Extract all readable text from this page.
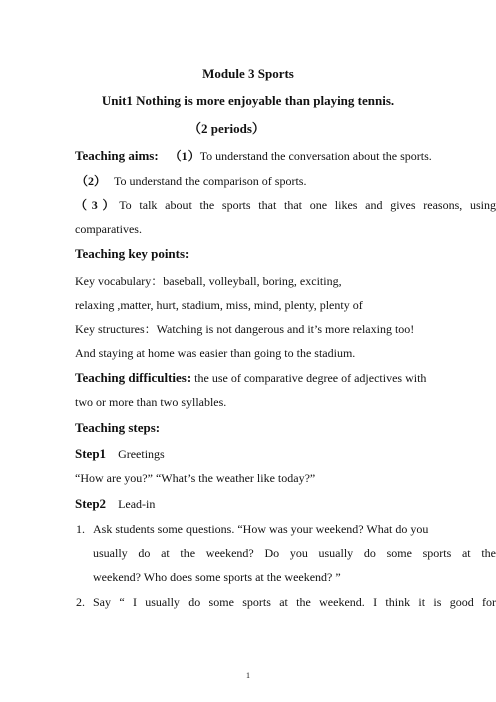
Module 3 Sports
Unit1 Nothing is more enjoyable than playing tennis.
（2 periods）
Teaching aims: （1）To understand the conversation about the sports.
（2） To understand the comparison of sports.
（3）To talk about the sports that that one likes and gives reasons, using
comparatives.
Teaching key points:
Key vocabulary：baseball, volleyball, boring, exciting,
relaxing ,matter, hurt, stadium, miss, mind, plenty, plenty of
Key structures：Watching is not dangerous and it’s more relaxing too!
And staying at home was easier than going to the stadium.
Teaching difficulties: the use of comparative degree of adjectives with
two or more than two syllables.
Teaching steps:
Step1 Greetings
“How are you?” “What’s the weather like today?”
Step2 Lead-in
1. Ask students some questions. “How was your weekend? What do you
usually do at the weekend? Do you usually do some sports at the
weekend? Who does some sports at the weekend? ”
2. Say “ I usually do some sports at the weekend. I think it is good for
1
